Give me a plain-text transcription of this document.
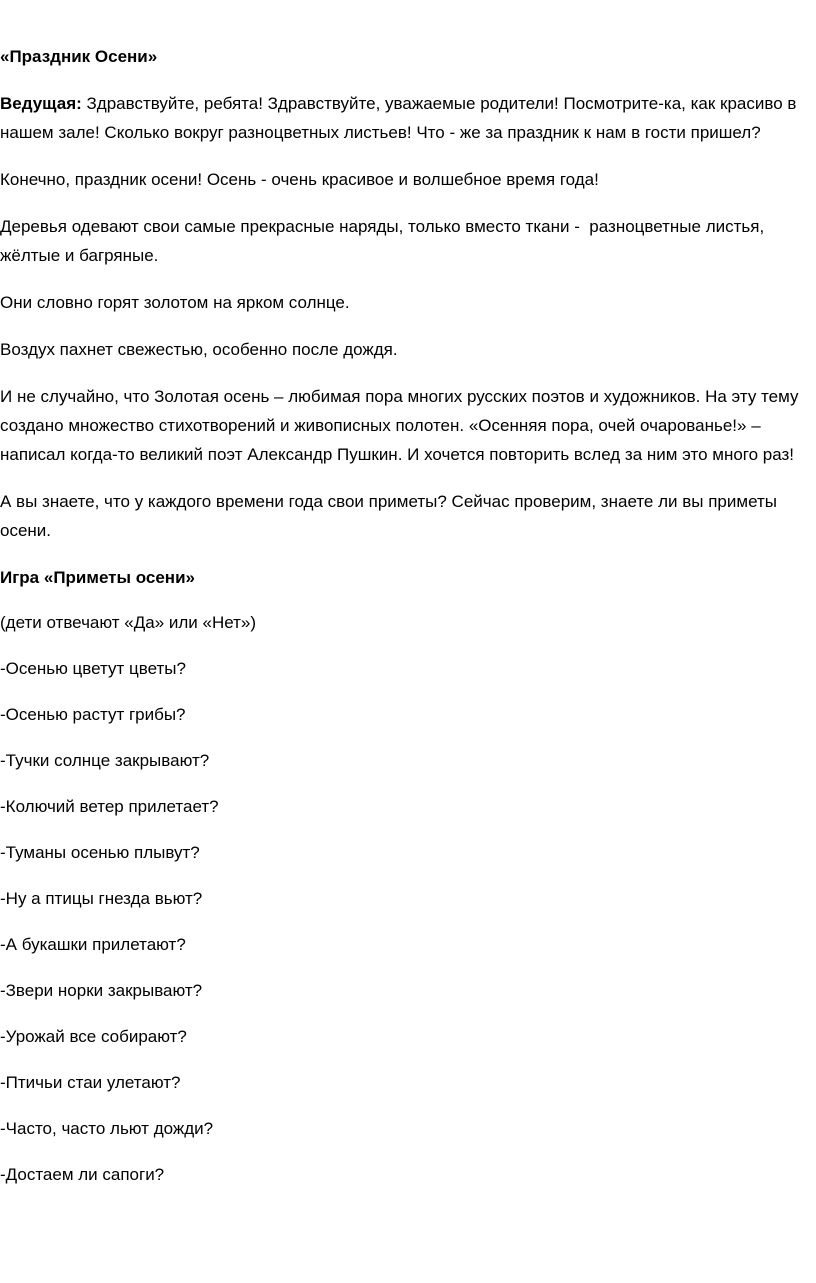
«Праздник Осени»

Ведущая: Здравствуйте, ребята! Здравствуйте, уважаемые родители! Посмотрите-ка, как красиво в нашем зале! Сколько вокруг разноцветных листьев! Что - же за праздник к нам в гости пришел?

Конечно, праздник осени! Осень - очень красивое и волшебное время года!

Деревья одевают свои самые прекрасные наряды, только вместо ткани -  разноцветные листья, жёлтые и багряные.

Они словно горят золотом на ярком солнце.

Воздух пахнет свежестью, особенно после дождя.

И не случайно, что Золотая осень – любимая пора многих русских поэтов и художников. На эту тему создано множество стихотворений и живописных полотен. «Осенняя пора, очей очарованье!» – написал когда-то великий поэт Александр Пушкин. И хочется повторить вслед за ним это много раз!

А вы знаете, что у каждого времени года свои приметы? Сейчас проверим, знаете ли вы приметы осени.

Игра «Приметы осени»

(дети отвечают «Да» или «Нет»)

-Осенью цветут цветы?

-Осенью растут грибы?

-Тучки солнце закрывают?

-Колючий ветер прилетает?

-Туманы осенью плывут?

-Ну а птицы гнезда вьют?

-А букашки прилетают?

-Звери норки закрывают?

-Урожай все собирают?

-Птичьи стаи улетают?

-Часто, часто льют дожди?

-Достаем ли сапоги?
